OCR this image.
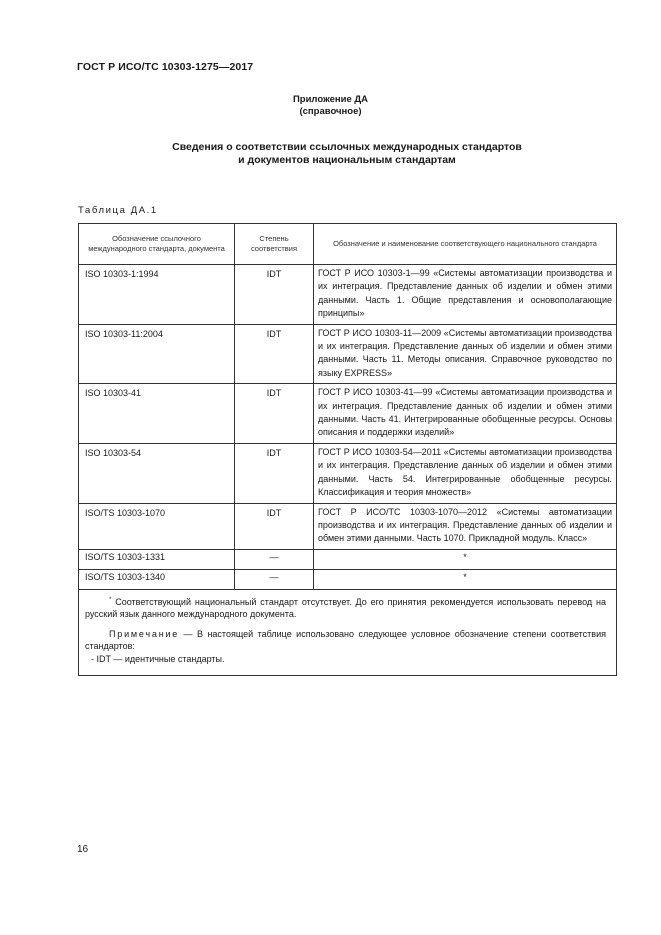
ГОСТ Р ИСО/ТС 10303-1275—2017
Приложение ДА
(справочное)
Сведения о соответствии ссылочных международных стандартов
и документов национальным стандартам
Таблица ДА.1
Обозначение ссылочного международного стандарта, документа	Степень соответствия	Обозначение и наименование соответствующего национального стандарта
ISO 10303-1:1994	IDT	ГОСТ Р ИСО 10303-1—99 «Системы автоматизации производства и их интеграция. Представление данных об изделии и обмен этими данными. Часть 1. Общие представления и основополагающие принципы»
ISO 10303-11:2004	IDT	ГОСТ Р ИСО 10303-11—2009 «Системы автоматизации производства и их интеграция. Представление данных об изделии и обмен этими данными. Часть 11. Методы описания. Справочное руководство по языку EXPRESS»
ISO 10303-41	IDT	ГОСТ Р ИСО 10303-41—99 «Системы автоматизации производства и их интеграция. Представление данных об изделии и обмен этими данными. Часть 41. Интегрированные обобщенные ресурсы. Основы описания и поддержки изделий»
ISO 10303-54	IDT	ГОСТ Р ИСО 10303-54—2011 «Системы автоматизации производства и их интеграция. Представление данных об изделии и обмен этими данными. Часть 54. Интегрированные обобщенные ресурсы. Классификация и теория множеств»
ISO/TS 10303-1070	IDT	ГОСТ Р ИСО/ТС 10303-1070—2012 «Системы автоматизации производства и их интеграция. Представление данных об изделии и обмен этими данными. Часть 1070. Прикладной модуль. Класс»
ISO/TS 10303-1331	—	*
ISO/TS 10303-1340	—	*

* Соответствующий национальный стандарт отсутствует. До его принятия рекомендуется использовать перевод на русский язык данного международного документа.

Примечание — В настоящей таблице использовано следующее условное обозначение степени соответствия стандартов:

- IDT — идентичные стандарты.		
16
